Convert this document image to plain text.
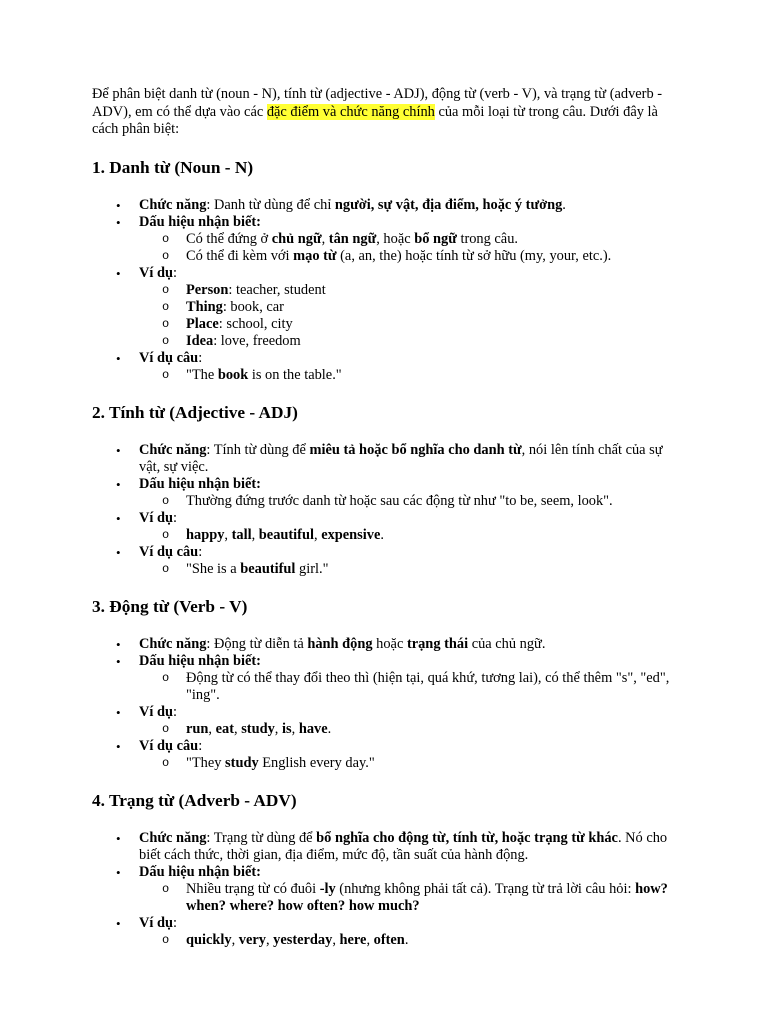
Để phân biệt danh từ (noun - N), tính từ (adjective - ADJ), động từ (verb - V), và trạng từ (adverb - ADV), em có thể dựa vào các đặc điểm và chức năng chính của mỗi loại từ trong câu. Dưới đây là cách phân biệt:

1. Danh từ (Noun - N)
• Chức năng: Danh từ dùng để chỉ người, sự vật, địa điểm, hoặc ý tưởng.
• Dấu hiệu nhận biết:
o Có thể đứng ở chủ ngữ, tân ngữ, hoặc bổ ngữ trong câu.
o Có thể đi kèm với mạo từ (a, an, the) hoặc tính từ sở hữu (my, your, etc.).
• Ví dụ:
o Person: teacher, student
o Thing: book, car
o Place: school, city
o Idea: love, freedom
• Ví dụ câu:
o "The book is on the table."
2. Tính từ (Adjective - ADJ)
• Chức năng: Tính từ dùng để miêu tả hoặc bổ nghĩa cho danh từ, nói lên tính chất của sự vật, sự việc.
• Dấu hiệu nhận biết:
o Thường đứng trước danh từ hoặc sau các động từ như "to be, seem, look".
• Ví dụ:
o happy, tall, beautiful, expensive.
• Ví dụ câu:
o "She is a beautiful girl."
3. Động từ (Verb - V)
• Chức năng: Động từ diễn tả hành động hoặc trạng thái của chủ ngữ.
• Dấu hiệu nhận biết:
o Động từ có thể thay đổi theo thì (hiện tại, quá khứ, tương lai), có thể thêm "s", "ed", "ing".
• Ví dụ:
o run, eat, study, is, have.
• Ví dụ câu:
o "They study English every day."
4. Trạng từ (Adverb - ADV)
• Chức năng: Trạng từ dùng để bổ nghĩa cho động từ, tính từ, hoặc trạng từ khác. Nó cho biết cách thức, thời gian, địa điểm, mức độ, tần suất của hành động.
• Dấu hiệu nhận biết:
o Nhiều trạng từ có đuôi -ly (nhưng không phải tất cả). Trạng từ trả lời câu hỏi: how? when? where? how often? how much?
• Ví dụ:
o quickly, very, yesterday, here, often.
